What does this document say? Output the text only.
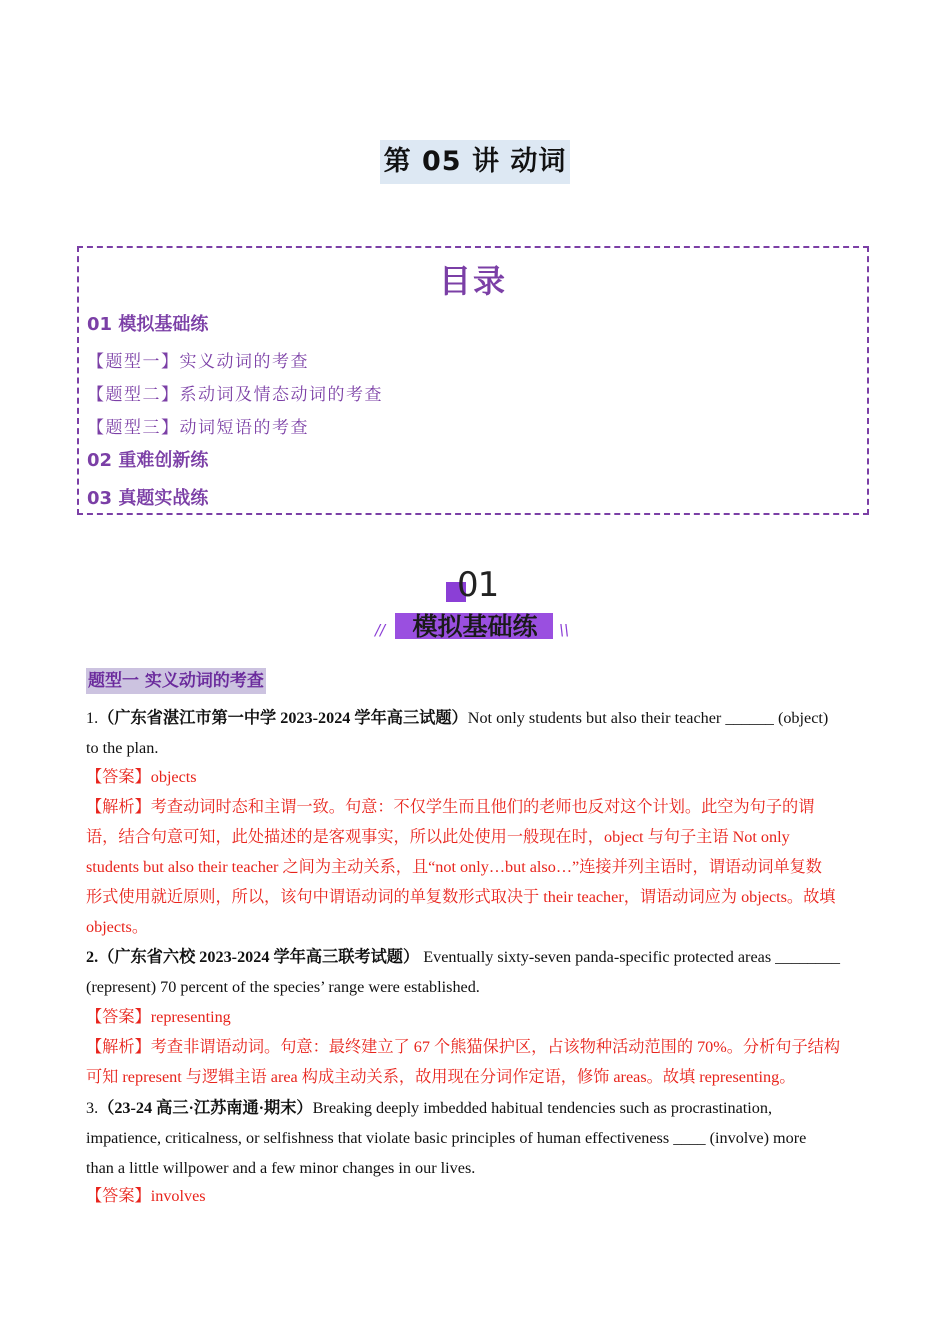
第 05 讲 动词
目录
01 模拟基础练
【题型一】实义动词的考查
【题型二】系动词及情态动词的考查
【题型三】动词短语的考查
02 重难创新练
03 真题实战练
01
模拟基础练
//	\\
题型一 实义动词的考查
1.（广东省湛江市第一中学 2023-2024 学年高三试题）Not only students but also their teacher ______ (object)
to the plan.
【答案】objects
【解析】考查动词时态和主谓一致。句意：不仅学生而且他们的老师也反对这个计划。此空为句子的谓
语，结合句意可知，此处描述的是客观事实，所以此处使用一般现在时，object 与句子主语 Not only
students but also their teacher 之间为主动关系，且“not only…but also…”连接并列主语时，谓语动词单复数
形式使用就近原则，所以，该句中谓语动词的单复数形式取决于 their teacher，谓语动词应为 objects。故填
objects。
2.（广东省六校 2023-2024 学年高三联考试题） Eventually sixty-seven panda-specific protected areas ________
(represent) 70 percent of the species’ range were established.
【答案】representing
【解析】考查非谓语动词。句意：最终建立了 67 个熊猫保护区，占该物种活动范围的 70%。分析句子结构
可知 represent 与逻辑主语 area 构成主动关系，故用现在分词作定语，修饰 areas。故填 representing。
3.（23-24 高三·江苏南通·期末）Breaking deeply imbedded habitual tendencies such as procrastination,
impatience, criticalness, or selfishness that violate basic principles of human effectiveness ____ (involve) more
than a little willpower and a few minor changes in our lives.
【答案】involves
